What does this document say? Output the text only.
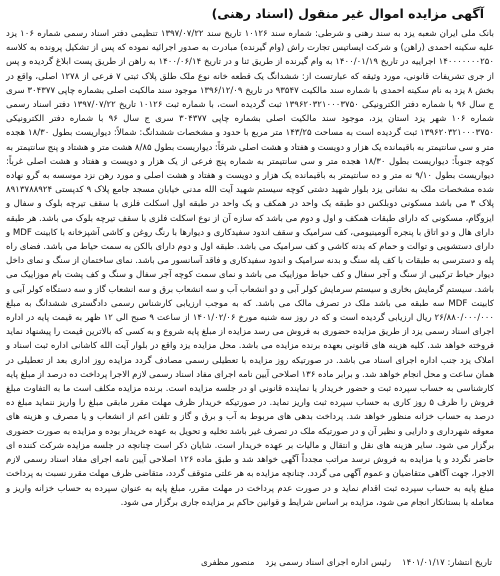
آگهی مزایده اموال غیر منقول (اسناد رهنی)

بانک ملی ایران شعبه یزد به سند رهنی و شرطی: شماره سند ۱۰۱۲۶ تاریخ سند ۱۳۹۷/۰۷/۲۲ تنظیمی دفتر اسناد رسمی شماره ۱۰۶ یزد علیه سکینه احمدی (راهن) و شرکت ایساتیس تجارت راش (وام گیرنده) مبادرت به صدور اجرائیه نموده که پس از تشکیل پرونده به کلاسه ۱۴۰۰۰۰۰۰۰۲۵۰ اجراییه در تاریخ ۱۴۰۰/۰۱/۱۹ به وام گیرنده از طریق ثنا و در تاریخ ۱۴۰۰/۰۶/۱۴ به راهن از طریق پست ابلاغ گردیده و پس از جری تشریفات قانونی، مورد وثیقه که عبارتست از: ششدانگ یک قطعه خانه نوع ملک طلق پلاک ثبتی ۷ فرعی از ۱۲۷۸ اصلی، واقع در بخش ۸ یزد به نام سکینه احمدی با شماره سند مالکیت ۹۳۵۴۷ در تاریخ ۱۳۹۶/۱۲/۰۹ موجود سند مالکیت اصلی بشماره چاپی ۳۰۴۳۷۷ سری ج سال ۹۶ با شماره دفتر الکترونیکی ۱۳۹۶۲۰۳۲۱۰۰۰۳۷۵۰ ثبت گردیده است، با شماره ثبت ۱۰۱۲۶ تاریخ ۱۳۹۷/۰۷/۲۲ دفتر اسناد رسمی شماره ۱۰۶ شهر یزد استان یزد، موجود سند مالکیت اصلی بشماره چاپی ۳۰۴۳۷۷ سری ج سال ۹۶ با شماره دفتر الکترونیکی ۱۳۹۶۲۰۳۲۱۰۰۰۳۷۵۰ ثبت گردیده است به مساحت ۱۴۳/۲۵ متر مربع با حدود و مشخصات ششدانگ: شمالاً: دیواریست بطول ۱۸/۳۰ هجده متر و سی سانتیمتر به باقیمانده یک هزار و دویست و هفتاد و هشت اصلی شرقاً: دیواریست بطول ۸/۸۵ هشت متر و هشتاد و پنج سانتیمتر به کوچه جنوباً: دیواریست بطول ۱۸/۳۰ هجده متر و سی سانتیمتر به شماره پنج فرعی از یک هزار و دویست و هفتاد و هشت اصلی غرباً: دیواریست بطول ۹/۱۰ نه متر و ده سانتیمتر به باقیمانده یک هزار و دویست و هفتاد و هشت اصلی و مورد رهن نزد موسسه به گرو نهاده شده مشخصات ملک به نشانی یزد بلوار شهید دشتی کوچه سیستم شهید آیت الله مدنی خیابان مسجد جامع پلاک ۹ کدپستی ۸۹۱۳۷۸۸۹۲۴ پلاک ۳ می باشد مسکونی دوبلکس دو طبقه یک واحد در همکف و یک واحد در طبقه اول اسکلت فلزی با سقف تیرچه بلوک و سفال و ایزوگام، مسکونی که دارای طبقات همکف و اول و دوم می باشد که سازه آن از نوع اسکلت فلزی با سقف تیرچه بلوک می باشد. هر طبقه دارای هال و دو اتاق با پنجره آلومینیومی، کف سرامیک و سقف اندود سفیدکاری و دیوارها با رنگ روغن و کاشی آشپزخانه با کابینت MDF و دارای دستشویی و توالت و حمام که بدنه کاشی و کف سرامیک می باشد. طبقه اول و دوم دارای بالکن به سمت حیاط می باشد. فضای راه پله و دسترسی به طبقات با کف پله سنگ و بدنه سرامیک و اندود سفیدکاری و فاقد آسانسور می باشد. نمای ساختمان از سنگ و نمای داخل دیوار حیاط ترکیبی از سنگ و آجر سفال و کف حیاط موزاییک می باشد و نمای سمت کوچه آجر سفال و سنگ و کف پشت بام موزاییک می باشد. سیستم گرمایش بخاری و سیستم سرمایش کولر آبی و دو انشعاب آب و سه انشعاب برق و سه انشعاب گاز و سه دستگاه کولر آبی و کابینت MDF سه طبقه می باشد ملک در تصرف مالک می باشد. که به موجب ارزیابی کارشناس رسمی دادگستری ششدانگ به مبلغ ۲۶/۸۸۰/۰۰۰/۰۰۰ ریال ارزیابی گردیده است و که در روز سه شنبه مورخ ۱۴۰۱/۰۲/۰۶ از ساعت ۹ صبح الی ۱۲ ظهر به قیمت پایه در اداره اجرای اسناد رسمی یزد از طریق مزایده حضوری به فروش می رسد مزایده از مبلغ پایه شروع و به کسی که بالاترین قیمت را پیشنهاد نماید فروخته خواهد شد. کلیه هزینه های قانونی بعهده برنده مزایده می باشد. محل مزایده یزد واقع در بلوار آیت الله کاشانی اداره ثبت اسناد و املاک یزد جنب اداره اجرای اسناد می باشد. در صورتیکه روز مزایده با تعطیلی رسمی مصادف گردد مزایده روز اداری بعد از تعطیلی در همان ساعت و محل انجام خواهد شد. و برابر ماده ۱۳۶ اصلاحی آیین نامه اجرای مفاد اسناد رسمی لازم الاجرا پرداخت ده درصد از مبلغ پایه کارشناسی به حساب سپرده ثبت و حضور خریدار یا نماینده قانونی او در جلسه مزایده است. برنده مزایده مکلف است ما به التفاوت مبلغ فروش را ظرف ۵ روز کاری به حساب سپرده ثبت واریز نماید. در صورتیکه خریدار ظرف مهلت مقرر مابقی مبلغ را واریز ننماید مبلغ ده درصد به حساب خزانه منظور خواهد شد. پرداخت بدهی های مربوط به آب و برق و گاز و تلفن اعم از انشعاب و یا مصرف و هزینه های معوقه شهرداری و دارایی و نظیر آن و در صورتیکه ملک در تصرف غیر باشد تخلیه و تحویل به عهده خریدار بوده و مزایده به صورت حضوری برگزار می شود. سایر هزینه های نقل و انتقال و مالیات بر عهده خریدار است. شایان ذکر است چنانچه در جلسه مزایده شرکت کننده ای حاضر نگردد و یا مزایده به فروش نرسد مراتب مجدداً آگهی خواهد شد و طبق ماده ۱۲۶ اصلاحی آیین نامه اجرای مفاد اسناد رسمی لازم الاجرا، جهت آگاهی متقاضیان و عموم آگهی می گردد. چنانچه مزایده به هر علتی متوقف گردد، متقاضی ظرف مهلت مقرر نسبت به پرداخت مبلغ پایه به حساب سپرده ثبت اقدام نماید و در صورت عدم پرداخت در مهلت مقرر، مبلغ پایه به عنوان سپرده به حساب خزانه واریز و معامله با بستانکار انجام می شود، مزایده بر اساس شرایط و قوانین حاکم بر مزایده جاری برگزار می شود.

تاریخ انتشار: ۱۴۰۱/۰۱/۱۷    رئیس اداره اجرای اسناد رسمی یزد    منصور مظفری
